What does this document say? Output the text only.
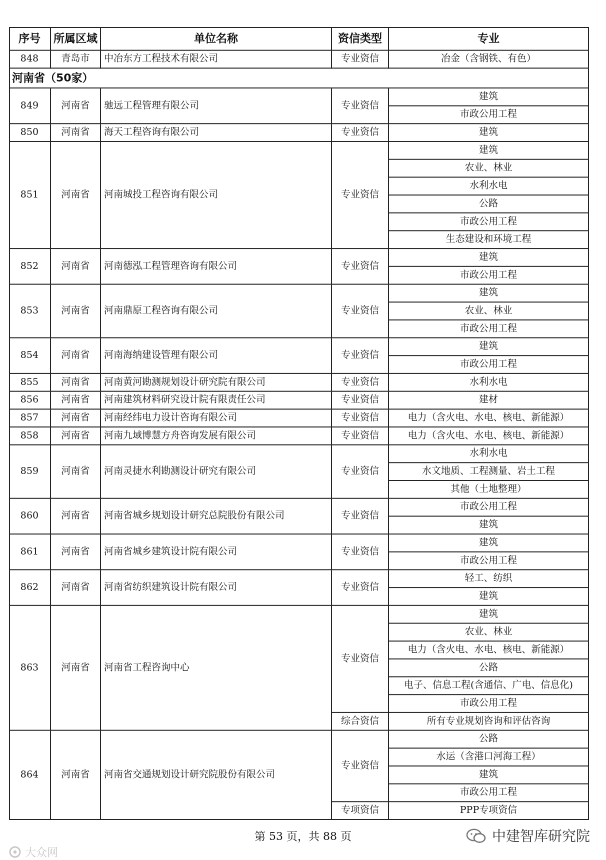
序号	所属区域	单位名称	资信类型	专业
848	青岛市	中冶东方工程技术有限公司	专业资信	冶金（含钢铁、有色）
河南省（50家）
849	河南省	驰远工程管理有限公司	专业资信
建筑
市政公用工程
850	河南省	海天工程咨询有限公司	专业资信	建筑
851	河南省	河南城投工程咨询有限公司	专业资信
建筑
农业、林业
水利水电
公路
市政公用工程
生态建设和环境工程
852	河南省	河南德泓工程管理咨询有限公司	专业资信
建筑
市政公用工程
853	河南省	河南鼎原工程咨询有限公司	专业资信
建筑
农业、林业
市政公用工程
854	河南省	河南海纳建设管理有限公司	专业资信
建筑
市政公用工程
855	河南省	河南黄河勘测规划设计研究院有限公司	专业资信	水利水电
856	河南省	河南建筑材料研究设计院有限责任公司	专业资信	建材
857	河南省	河南经纬电力设计咨询有限公司	专业资信	电力（含火电、水电、核电、新能源）
858	河南省	河南九域博慧方舟咨询发展有限公司	专业资信	电力（含火电、水电、核电、新能源）
859	河南省	河南灵捷水利勘测设计研究有限公司	专业资信
水利水电
水文地质、工程测量、岩土工程
其他（土地整理）
860	河南省	河南省城乡规划设计研究总院股份有限公司	专业资信
市政公用工程
建筑
861	河南省	河南省城乡建筑设计院有限公司	专业资信
建筑
市政公用工程
862	河南省	河南省纺织建筑设计院有限公司	专业资信
轻工、纺织
建筑
863	河南省	河南省工程咨询中心
专业资信
建筑
农业、林业
电力（含火电、水电、核电、新能源）
公路
电子、信息工程(含通信、广电、信息化)
市政公用工程
综合资信	所有专业规划咨询和评估咨询
864	河南省	河南省交通规划设计研究院股份有限公司
专业资信
公路
水运（含港口河海工程）
建筑
市政公用工程
专项资信	PPP专项资信
第 53 页，共 88 页
大众网
中建智库研究院
